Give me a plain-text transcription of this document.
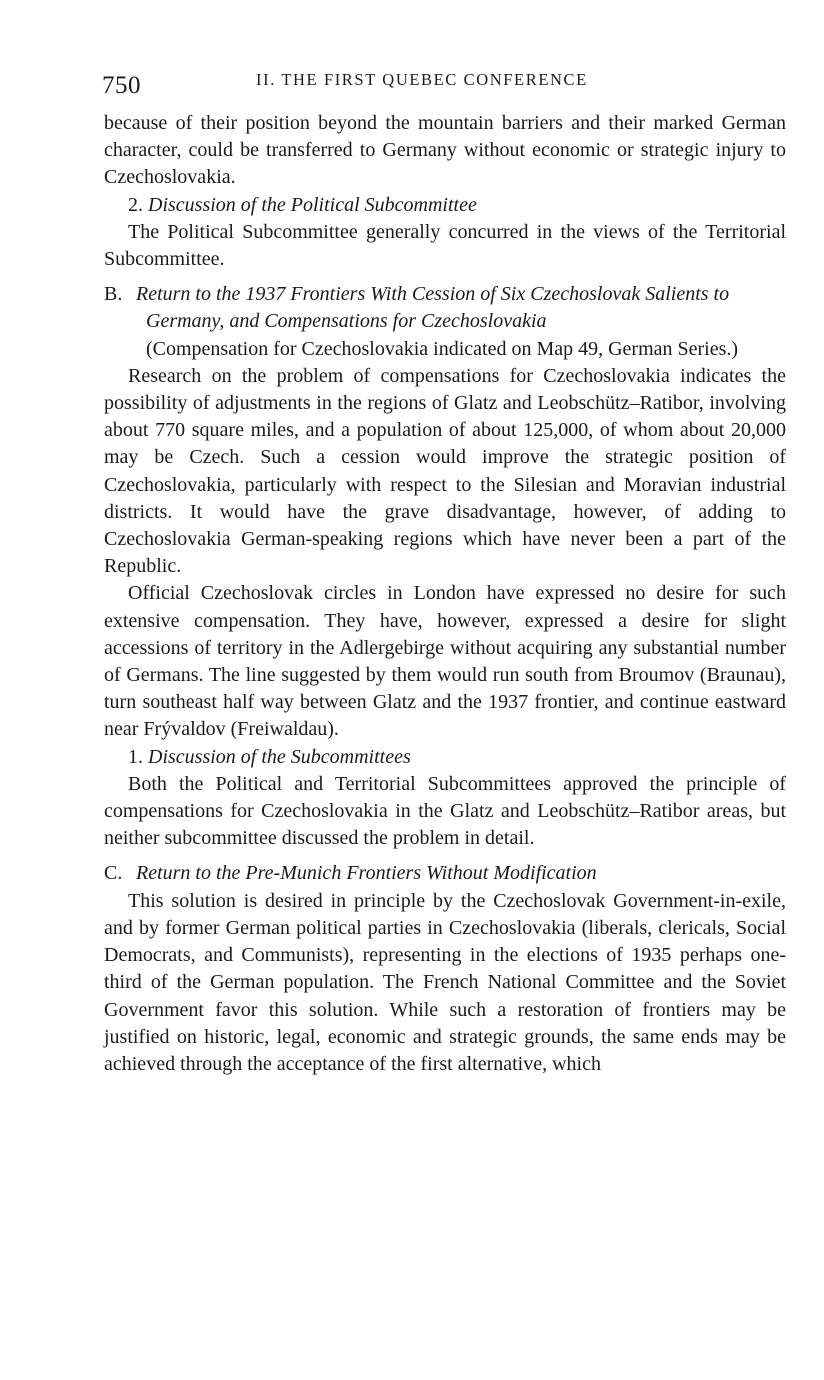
750	II. THE FIRST QUEBEC CONFERENCE

because of their position beyond the mountain barriers and their marked German character, could be transferred to Germany without economic or strategic injury to Czechoslovakia.

2. Discussion of the Political Subcommittee

The Political Subcommittee generally concurred in the views of the Territorial Subcommittee.

B. Return to the 1937 Frontiers With Cession of Six Czechoslovak Salients to Germany, and Compensations for Czechoslovakia

(Compensation for Czechoslovakia indicated on Map 49, German Series.)

Research on the problem of compensations for Czechoslovakia indicates the possibility of adjustments in the regions of Glatz and Leobschütz–Ratibor, involving about 770 square miles, and a population of about 125,000, of whom about 20,000 may be Czech. Such a cession would improve the strategic position of Czechoslovakia, particularly with respect to the Silesian and Moravian industrial districts. It would have the grave disadvantage, however, of adding to Czechoslovakia German-speaking regions which have never been a part of the Republic.

Official Czechoslovak circles in London have expressed no desire for such extensive compensation. They have, however, expressed a desire for slight accessions of territory in the Adlergebirge without acquiring any substantial number of Germans. The line suggested by them would run south from Broumov (Braunau), turn southeast half way between Glatz and the 1937 frontier, and continue eastward near Frývaldov (Freiwaldau).

1. Discussion of the Subcommittees

Both the Political and Territorial Subcommittees approved the principle of compensations for Czechoslovakia in the Glatz and Leobschütz–Ratibor areas, but neither subcommittee discussed the problem in detail.

C. Return to the Pre-Munich Frontiers Without Modification

This solution is desired in principle by the Czechoslovak Government-in-exile, and by former German political parties in Czechoslovakia (liberals, clericals, Social Democrats, and Communists), representing in the elections of 1935 perhaps one-third of the German population. The French National Committee and the Soviet Government favor this solution. While such a restoration of frontiers may be justified on historic, legal, economic and strategic grounds, the same ends may be achieved through the acceptance of the first alternative, which
